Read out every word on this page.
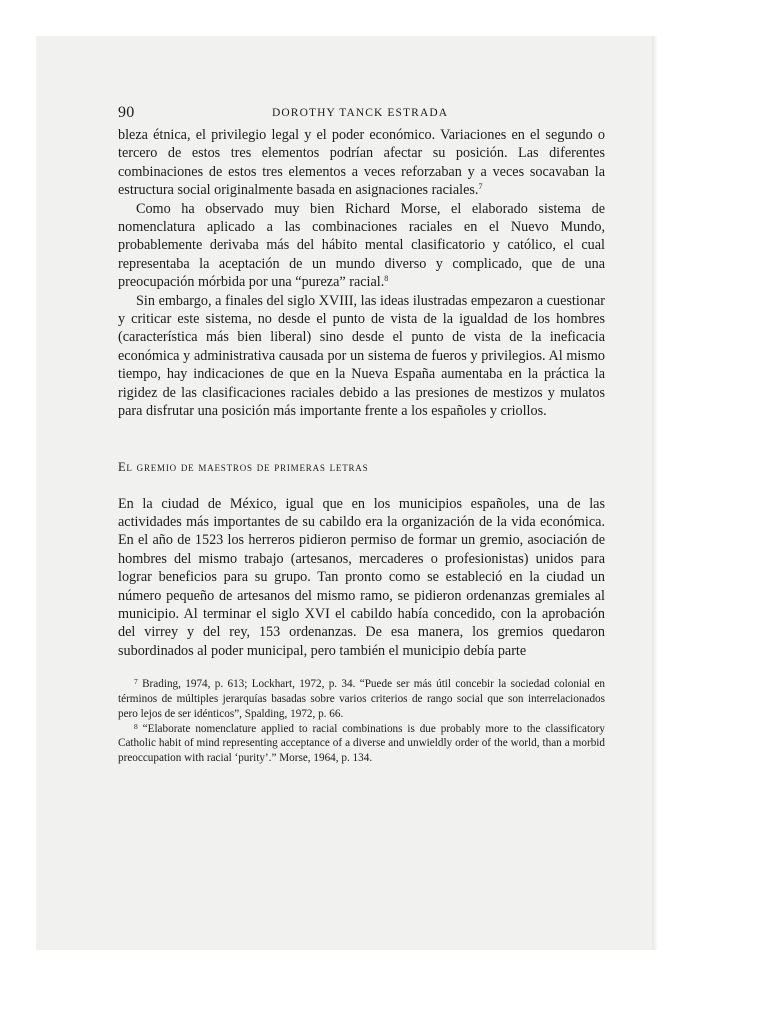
90	DOROTHY TANCK ESTRADA

bleza étnica, el privilegio legal y el poder económico. Variaciones en el segundo o tercero de estos tres elementos podrían afectar su posición. Las diferentes combinaciones de estos tres elementos a veces reforzaban y a veces socavaban la estructura social originalmente basada en asignaciones raciales.$^7$

Como ha observado muy bien Richard Morse, el elaborado sistema de nomenclatura aplicado a las combinaciones raciales en el Nuevo Mundo, probablemente derivaba más del hábito mental clasificatorio y católico, el cual representaba la aceptación de un mundo diverso y complicado, que de una preocupación mórbida por una “pureza” racial.$^8$

Sin embargo, a finales del siglo XVIII, las ideas ilustradas empezaron a cuestionar y criticar este sistema, no desde el punto de vista de la igualdad de los hombres (característica más bien liberal) sino desde el punto de vista de la ineficacia económica y administrativa causada por un sistema de fueros y privilegios. Al mismo tiempo, hay indicaciones de que en la Nueva España aumentaba en la práctica la rigidez de las clasificaciones raciales debido a las presiones de mestizos y mulatos para disfrutar una posición más importante frente a los españoles y criollos.

El gremio de maestros de primeras letras

En la ciudad de México, igual que en los municipios españoles, una de las actividades más importantes de su cabildo era la organización de la vida económica. En el año de 1523 los herreros pidieron permiso de formar un gremio, asociación de hombres del mismo trabajo (artesanos, mercaderes o profesionistas) unidos para lograr beneficios para su grupo. Tan pronto como se estableció en la ciudad un número pequeño de artesanos del mismo ramo, se pidieron ordenanzas gremiales al municipio. Al terminar el siglo XVI el cabildo había concedido, con la aprobación del virrey y del rey, 153 ordenanzas. De esa manera, los gremios quedaron subordinados al poder municipal, pero también el municipio debía parte

$^7$ Brading, 1974, p. 613; Lockhart, 1972, p. 34. “Puede ser más útil concebir la sociedad colonial en términos de múltiples jerarquías basadas sobre varios criterios de rango social que son interrelacionados pero lejos de ser idénticos”, Spalding, 1972, p. 66.

$^8$ “Elaborate nomenclature applied to racial combinations is due probably more to the classificatory Catholic habit of mind representing acceptance of a diverse and unwieldly order of the world, than a morbid preoccupation with racial ‘purity’.” Morse, 1964, p. 134.
